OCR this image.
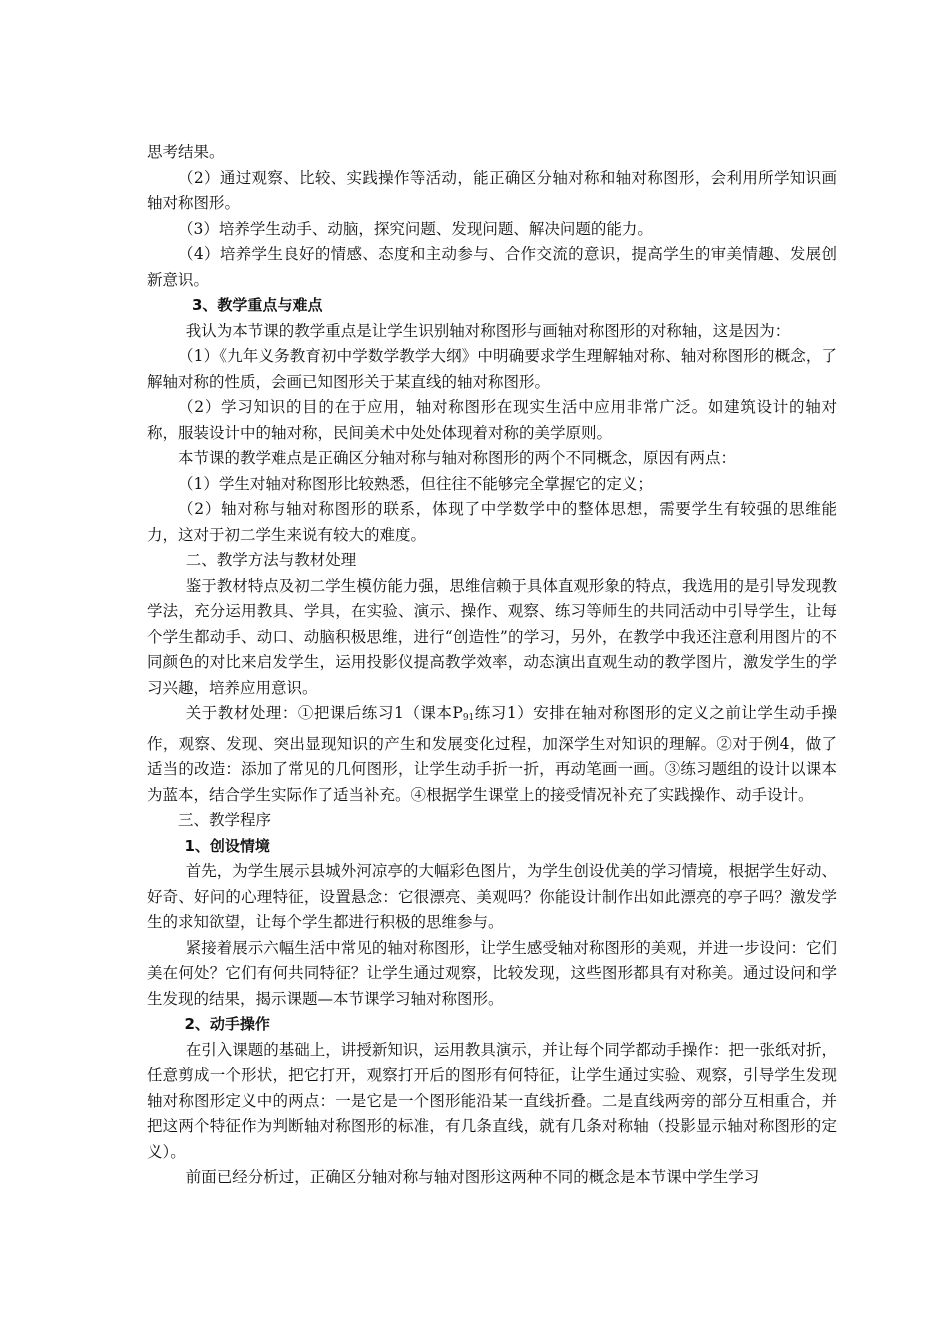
思考结果。

（2）通过观察、比较、实践操作等活动，能正确区分轴对称和轴对称图形，会利用所学知识画轴对称图形。

（3）培养学生动手、动脑，探究问题、发现问题、解决问题的能力。

（4）培养学生良好的情感、态度和主动参与、合作交流的意识，提高学生的审美情趣、发展创新意识。

3、教学重点与难点

我认为本节课的教学重点是让学生识别轴对称图形与画轴对称图形的对称轴，这是因为：

（1）《九年义务教育初中学数学教学大纲》中明确要求学生理解轴对称、轴对称图形的概念，了解轴对称的性质，会画已知图形关于某直线的轴对称图形。

（2）学习知识的目的在于应用，轴对称图形在现实生活中应用非常广泛。如建筑设计的轴对称，服装设计中的轴对称，民间美术中处处体现着对称的美学原则。

本节课的教学难点是正确区分轴对称与轴对称图形的两个不同概念，原因有两点：

（1）学生对轴对称图形比较熟悉，但往往不能够完全掌握它的定义；

（2）轴对称与轴对称图形的联系，体现了中学数学中的整体思想，需要学生有较强的思维能力，这对于初二学生来说有较大的难度。

二、教学方法与教材处理

鉴于教材特点及初二学生模仿能力强，思维信赖于具体直观形象的特点，我选用的是引导发现教学法，充分运用教具、学具，在实验、演示、操作、观察、练习等师生的共同活动中引导学生，让每个学生都动手、动口、动脑积极思维，进行“创造性”的学习，另外，在教学中我还注意利用图片的不同颜色的对比来启发学生，运用投影仪提高教学效率，动态演出直观生动的教学图片，激发学生的学习兴趣，培养应用意识。

关于教材处理：①把课后练习1（课本$P_{91}$练习1）安排在轴对称图形的定义之前让学生动手操作，观察、发现、突出显现知识的产生和发展变化过程，加深学生对知识的理解。②对于例4，做了适当的改造：添加了常见的几何图形，让学生动手折一折，再动笔画一画。③练习题组的设计以课本为蓝本，结合学生实际作了适当补充。④根据学生课堂上的接受情况补充了实践操作、动手设计。

三、教学程序

1、创设情境

首先，为学生展示县城外河凉亭的大幅彩色图片，为学生创设优美的学习情境，根据学生好动、好奇、好问的心理特征，设置悬念：它很漂亮、美观吗？你能设计制作出如此漂亮的亭子吗？激发学生的求知欲望，让每个学生都进行积极的思维参与。

紧接着展示六幅生活中常见的轴对称图形，让学生感受轴对称图形的美观，并进一步设问：它们美在何处？它们有何共同特征？让学生通过观察，比较发现，这些图形都具有对称美。通过设问和学生发现的结果，揭示课题—本节课学习轴对称图形。

2、动手操作

在引入课题的基础上，讲授新知识，运用教具演示，并让每个同学都动手操作：把一张纸对折，任意剪成一个形状，把它打开，观察打开后的图形有何特征，让学生通过实验、观察，引导学生发现轴对称图形定义中的两点：一是它是一个图形能沿某一直线折叠。二是直线两旁的部分互相重合，并把这两个特征作为判断轴对称图形的标准，有几条直线，就有几条对称轴（投影显示轴对称图形的定义）。

前面已经分析过，正确区分轴对称与轴对图形这两种不同的概念是本节课中学生学习
